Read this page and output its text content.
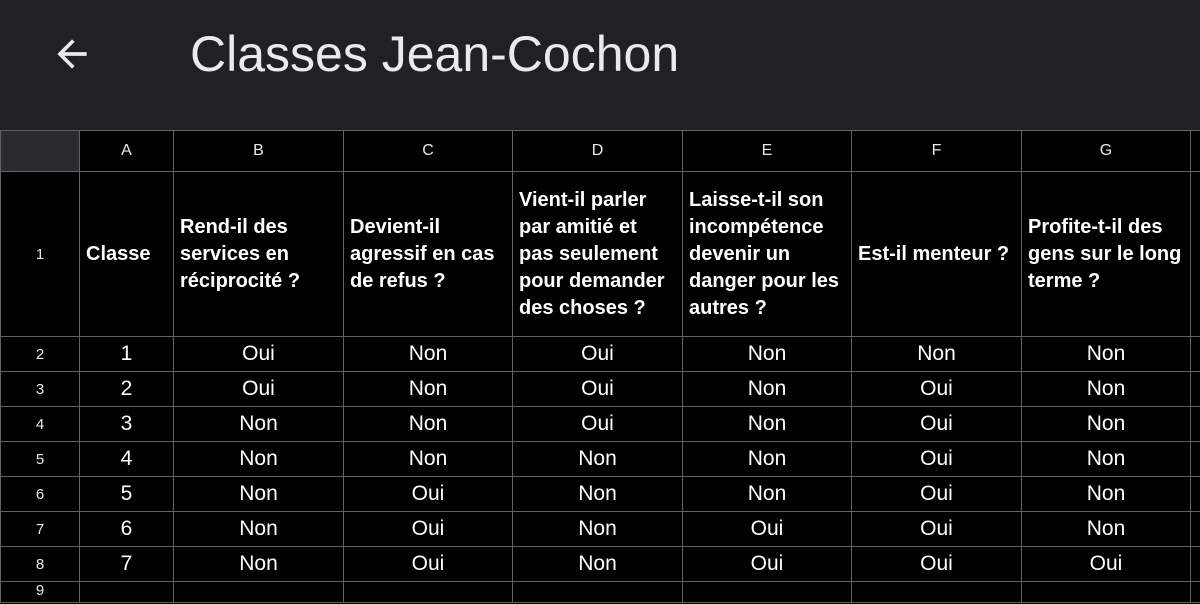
Classes Jean-Cochon
	A	B	C	D	E	F	G	
1	Classe	Rend-il des services en réciprocité ?	Devient-il agressif en cas de refus ?	Vient-il parler par amitié et pas seulement pour demander des choses ?	Laisse-t-il son incompétence devenir un danger pour les autres ?	Est-il menteur ?	Profite-t-il des gens sur le long terme ?	
2	1	Oui	Non	Oui	Non	Non	Non	
3	2	Oui	Non	Oui	Non	Oui	Non	
4	3	Non	Non	Oui	Non	Oui	Non	
5	4	Non	Non	Non	Non	Oui	Non	
6	5	Non	Oui	Non	Non	Oui	Non	
7	6	Non	Oui	Non	Oui	Oui	Non	
8	7	Non	Oui	Non	Oui	Oui	Oui	
9								
